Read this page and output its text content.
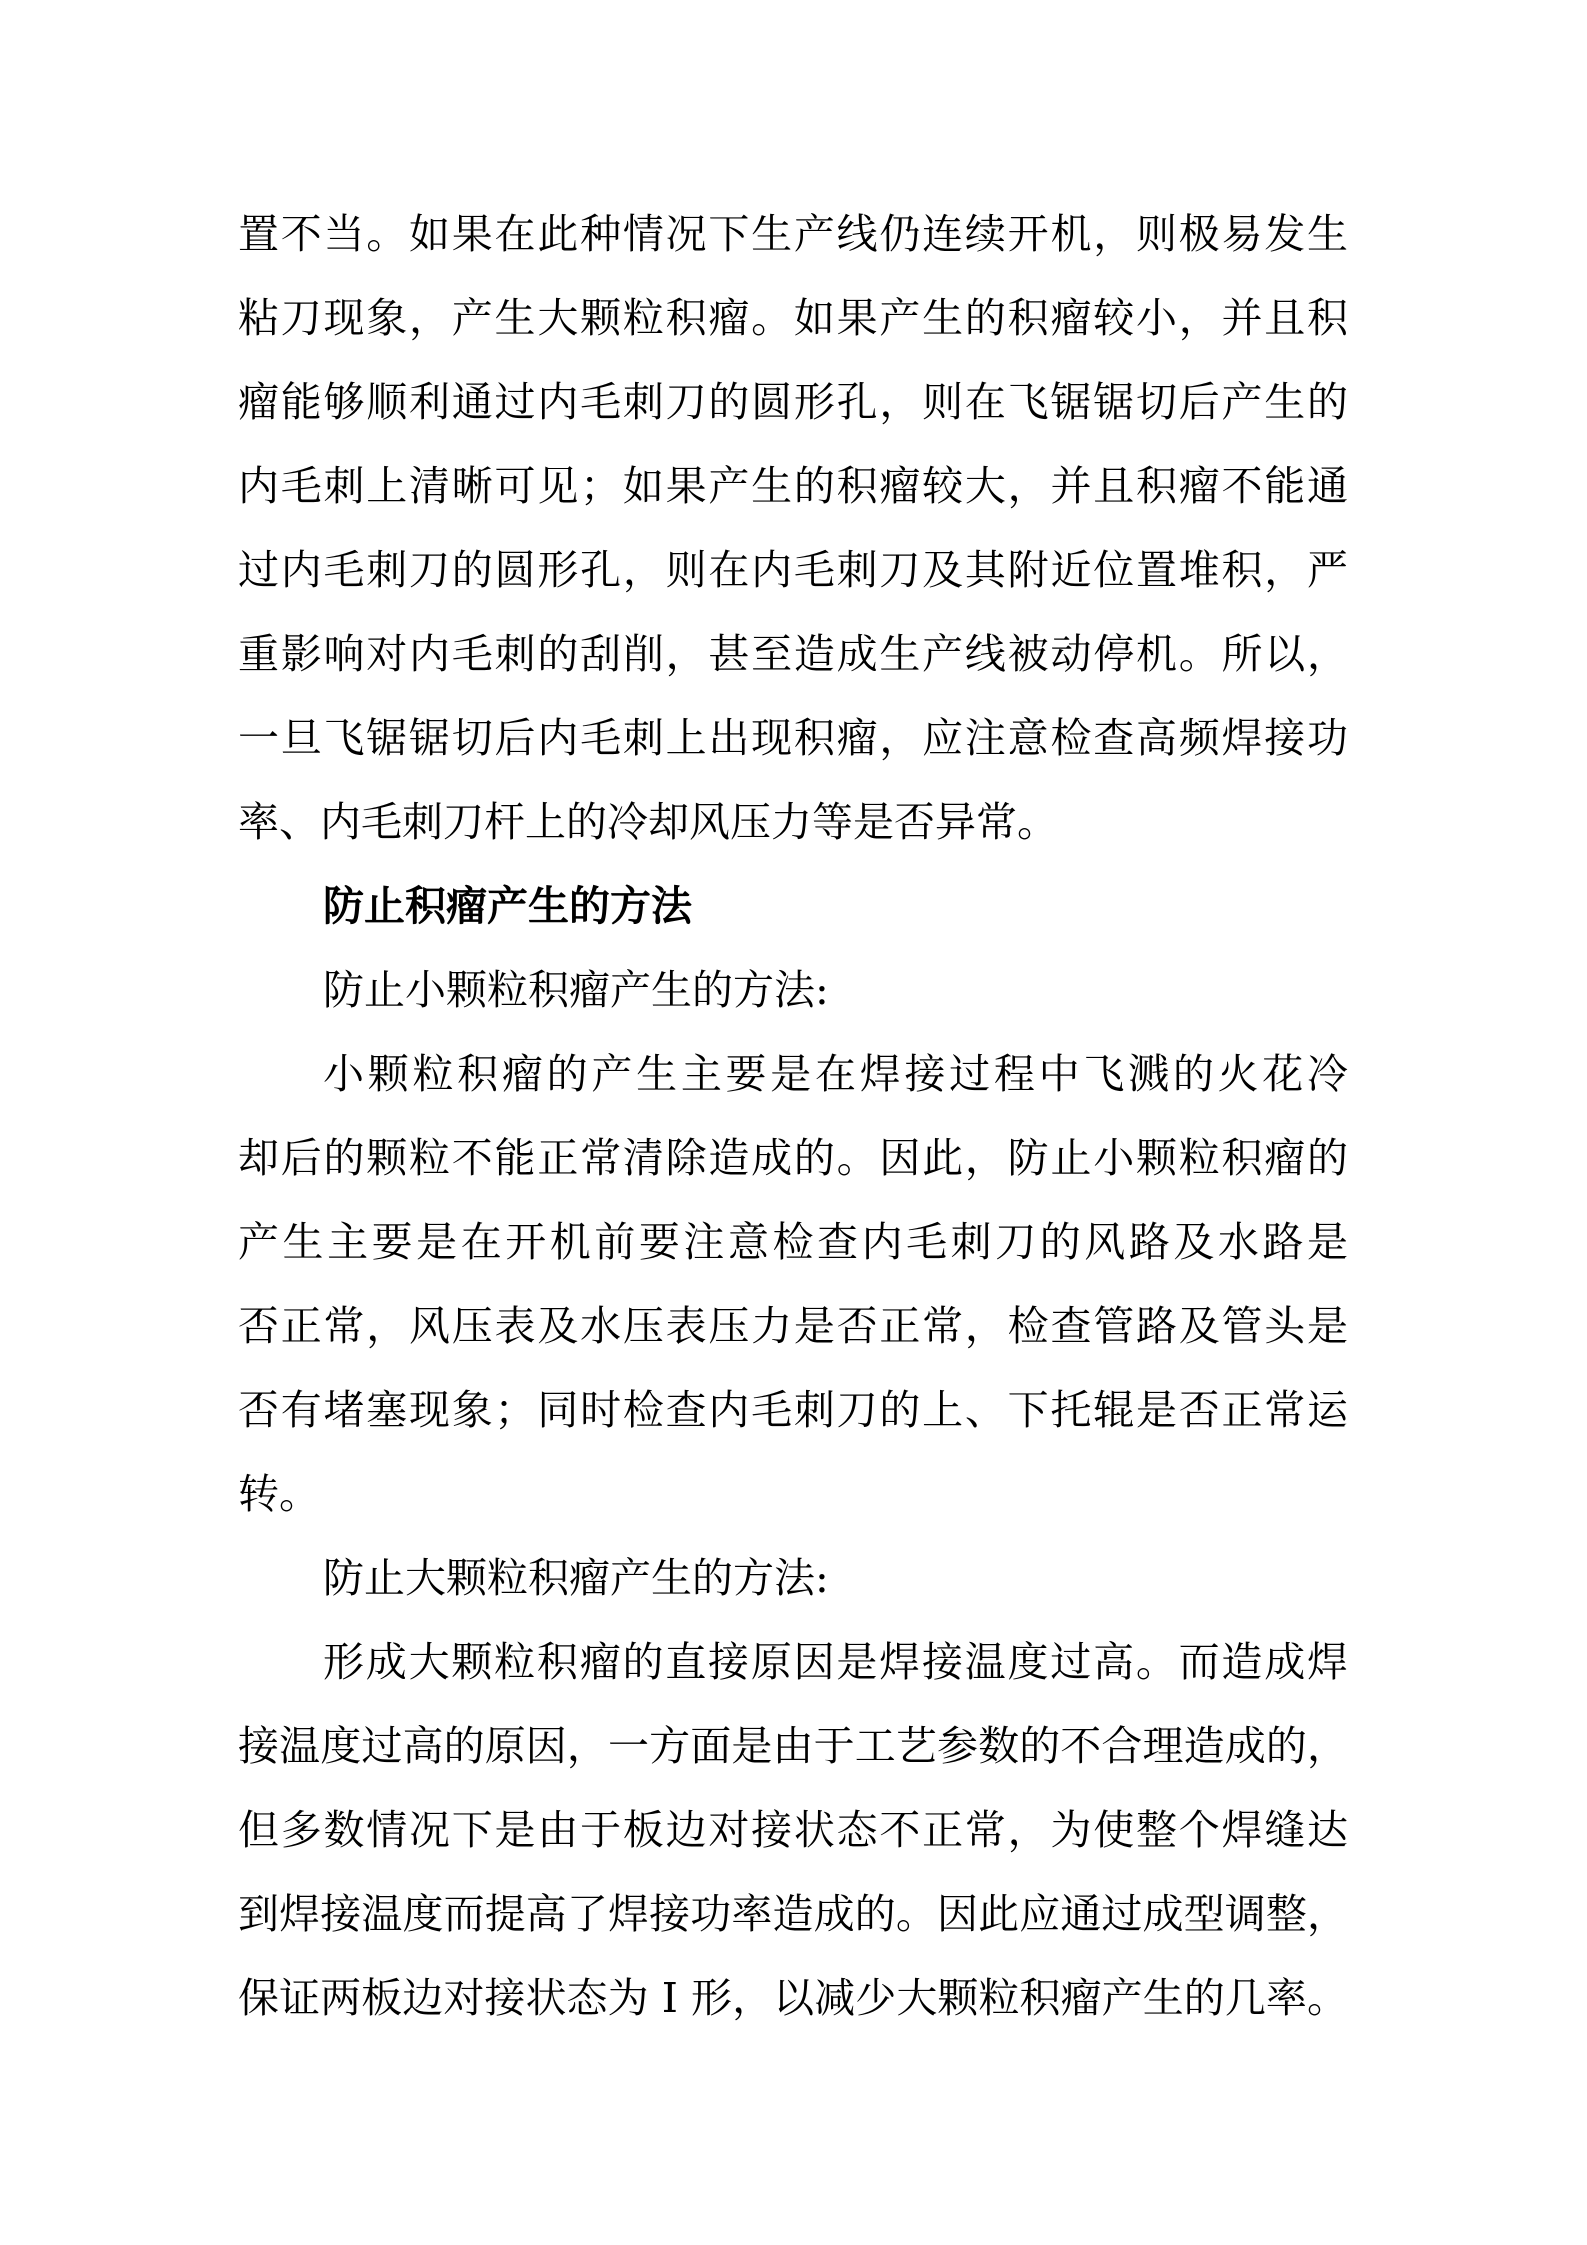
置不当。如果在此种情况下生产线仍连续开机，则极易发生

粘刀现象，产生大颗粒积瘤。如果产生的积瘤较小，并且积

瘤能够顺利通过内毛刺刀的圆形孔，则在飞锯锯切后产生的

内毛刺上清晰可见；如果产生的积瘤较大，并且积瘤不能通

过内毛刺刀的圆形孔，则在内毛刺刀及其附近位置堆积，严

重影响对内毛刺的刮削，甚至造成生产线被动停机。所以，

一旦飞锯锯切后内毛刺上出现积瘤，应注意检查高频焊接功

率、内毛刺刀杆上的冷却风压力等是否异常。

防止积瘤产生的方法

防止小颗粒积瘤产生的方法:

小颗粒积瘤的产生主要是在焊接过程中飞溅的火花冷

却后的颗粒不能正常清除造成的。因此，防止小颗粒积瘤的

产生主要是在开机前要注意检查内毛刺刀的风路及水路是

否正常，风压表及水压表压力是否正常，检查管路及管头是

否有堵塞现象；同时检查内毛刺刀的上、下托辊是否正常运

转。

防止大颗粒积瘤产生的方法:

形成大颗粒积瘤的直接原因是焊接温度过高。而造成焊

接温度过高的原因，一方面是由于工艺参数的不合理造成的，

但多数情况下是由于板边对接状态不正常，为使整个焊缝达

到焊接温度而提高了焊接功率造成的。因此应通过成型调整，

保证两板边对接状态为 I 形，以减少大颗粒积瘤产生的几率。
